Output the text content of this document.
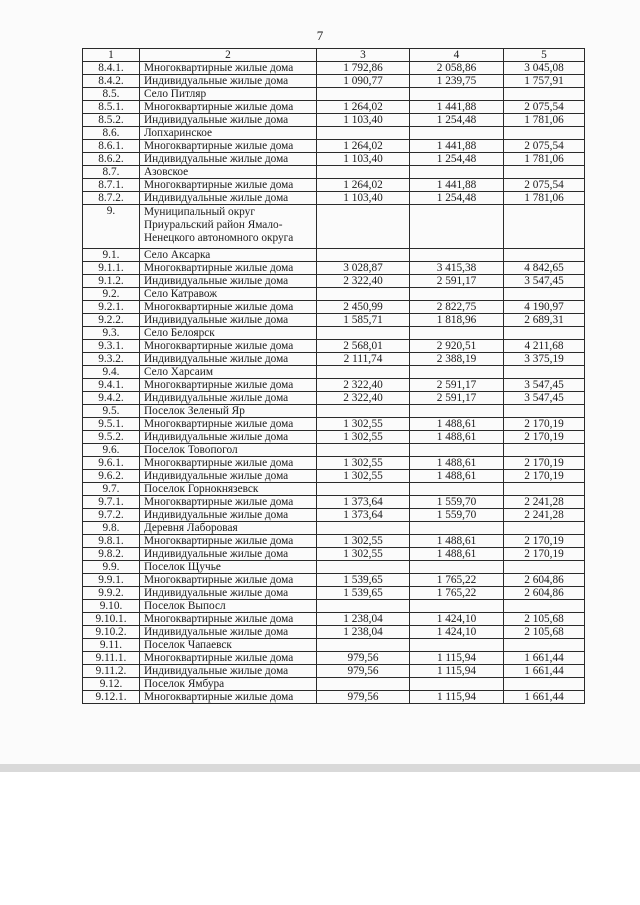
7
1	2	3	4	5
8.4.1.	Многоквартирные жилые дома	1 792,86	2 058,86	3 045,08
8.4.2.	Индивидуальные жилые дома	1 090,77	1 239,75	1 757,91
8.5.	Село Питляр			
8.5.1.	Многоквартирные жилые дома	1 264,02	1 441,88	2 075,54
8.5.2.	Индивидуальные жилые дома	1 103,40	1 254,48	1 781,06
8.6.	Лопхаринское			
8.6.1.	Многоквартирные жилые дома	1 264,02	1 441,88	2 075,54
8.6.2.	Индивидуальные жилые дома	1 103,40	1 254,48	1 781,06
8.7.	Азовское			
8.7.1.	Многоквартирные жилые дома	1 264,02	1 441,88	2 075,54
8.7.2.	Индивидуальные жилые дома	1 103,40	1 254,48	1 781,06
9.	Муниципальный округ Приуральский район Ямало-Ненецкого автономного округа			
9.1.	Село Аксарка			
9.1.1.	Многоквартирные жилые дома	3 028,87	3 415,38	4 842,65
9.1.2.	Индивидуальные жилые дома	2 322,40	2 591,17	3 547,45
9.2.	Село Катравож			
9.2.1.	Многоквартирные жилые дома	2 450,99	2 822,75	4 190,97
9.2.2.	Индивидуальные жилые дома	1 585,71	1 818,96	2 689,31
9.3.	Село Белоярск			
9.3.1.	Многоквартирные жилые дома	2 568,01	2 920,51	4 211,68
9.3.2.	Индивидуальные жилые дома	2 111,74	2 388,19	3 375,19
9.4.	Село Харсаим			
9.4.1.	Многоквартирные жилые дома	2 322,40	2 591,17	3 547,45
9.4.2.	Индивидуальные жилые дома	2 322,40	2 591,17	3 547,45
9.5.	Поселок Зеленый Яр			
9.5.1.	Многоквартирные жилые дома	1 302,55	1 488,61	2 170,19
9.5.2.	Индивидуальные жилые дома	1 302,55	1 488,61	2 170,19
9.6.	Поселок Товопогол			
9.6.1.	Многоквартирные жилые дома	1 302,55	1 488,61	2 170,19
9.6.2.	Индивидуальные жилые дома	1 302,55	1 488,61	2 170,19
9.7.	Поселок Горнокнязевск			
9.7.1.	Многоквартирные жилые дома	1 373,64	1 559,70	2 241,28
9.7.2.	Индивидуальные жилые дома	1 373,64	1 559,70	2 241,28
9.8.	Деревня Лаборовая			
9.8.1.	Многоквартирные жилые дома	1 302,55	1 488,61	2 170,19
9.8.2.	Индивидуальные жилые дома	1 302,55	1 488,61	2 170,19
9.9.	Поселок Щучье			
9.9.1.	Многоквартирные жилые дома	1 539,65	1 765,22	2 604,86
9.9.2.	Индивидуальные жилые дома	1 539,65	1 765,22	2 604,86
9.10.	Поселок Выпосл			
9.10.1.	Многоквартирные жилые дома	1 238,04	1 424,10	2 105,68
9.10.2.	Индивидуальные жилые дома	1 238,04	1 424,10	2 105,68
9.11.	Поселок Чапаевск			
9.11.1.	Многоквартирные жилые дома	979,56	1 115,94	1 661,44
9.11.2.	Индивидуальные жилые дома	979,56	1 115,94	1 661,44
9.12.	Поселок Ямбура			
9.12.1.	Многоквартирные жилые дома	979,56	1 115,94	1 661,44
